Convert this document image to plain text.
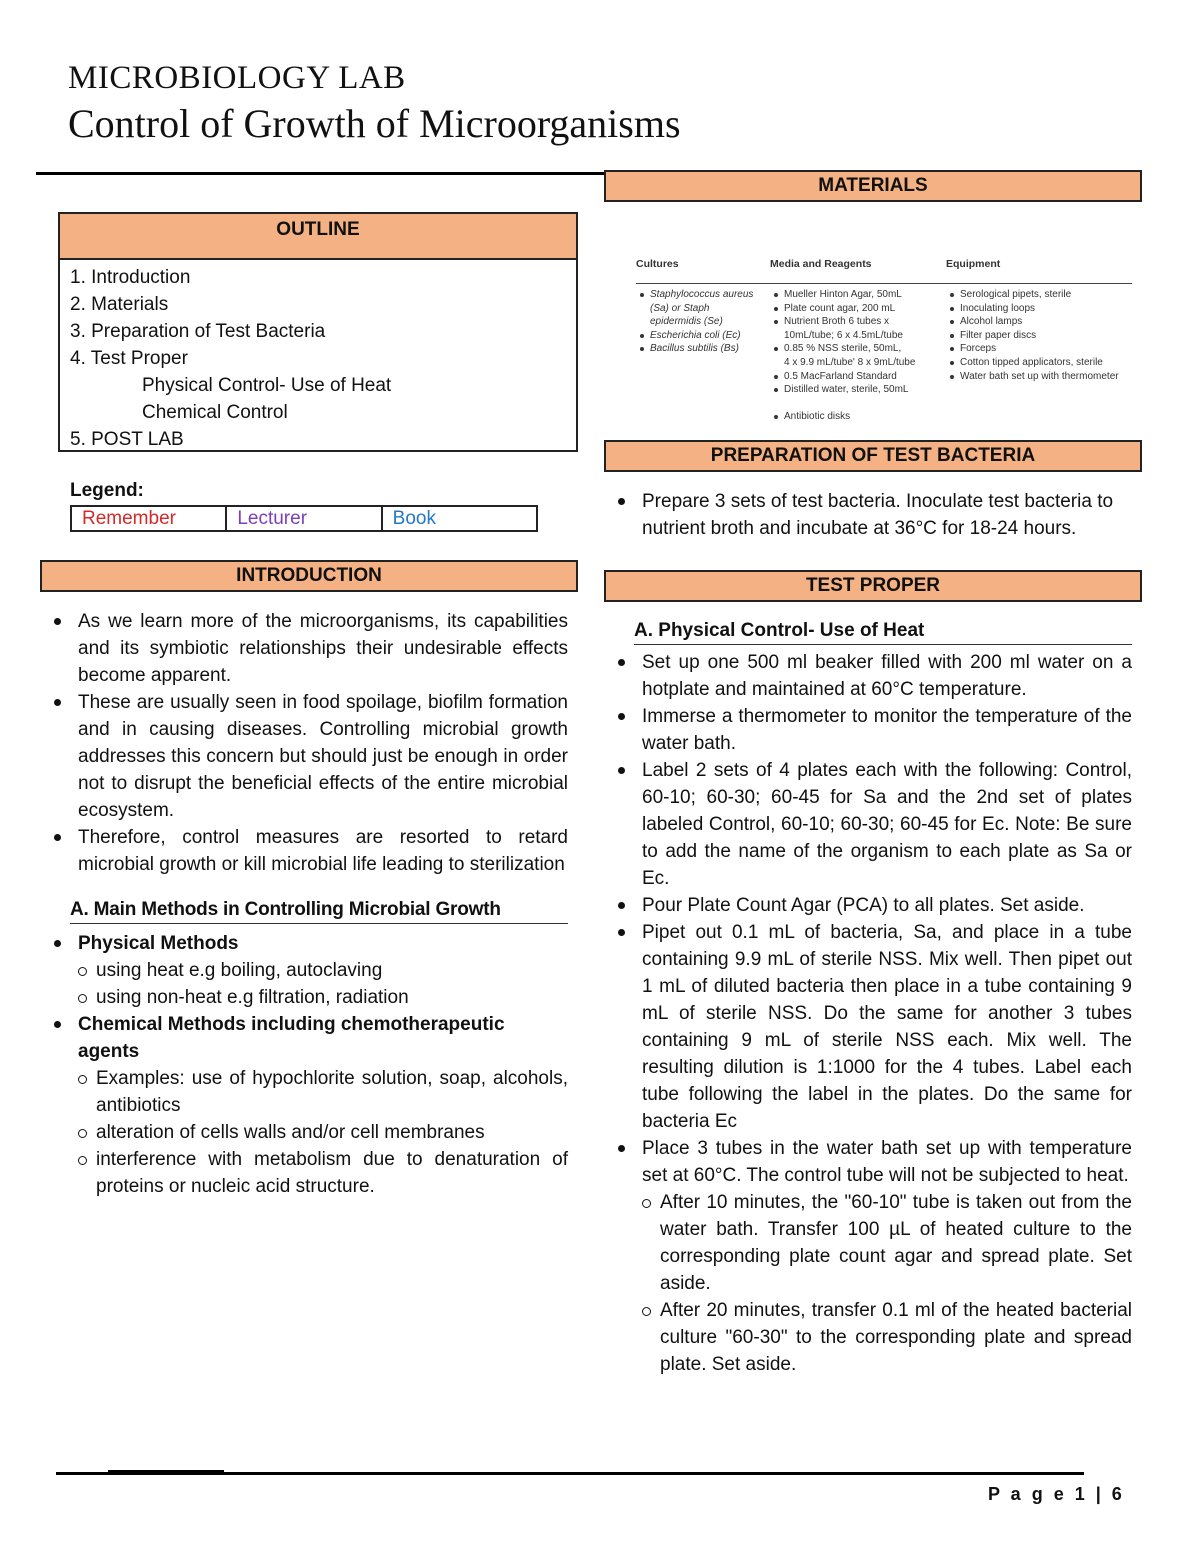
MICROBIOLOGY LAB
Control of Growth of Microorganisms
OUTLINE
1. Introduction
2. Materials
3. Preparation of Test Bacteria
4. Test Proper
Physical Control- Use of Heat
Chemical Control
5. POST LAB
Legend:
Remember	Lecturer	Book
INTRODUCTION
As we learn more of the microorganisms, its capabilities and its symbiotic relationships their undesirable effects become apparent.
These are usually seen in food spoilage, biofilm formation and in causing diseases. Controlling microbial growth addresses this concern but should just be enough in order not to disrupt the beneficial effects of the entire microbial ecosystem.
Therefore, control measures are resorted to retard microbial growth or kill microbial life leading to sterilization
A. Main Methods in Controlling Microbial Growth
Physical Methods
using heat e.g boiling, autoclaving
using non-heat e.g filtration, radiation
Chemical Methods including chemotherapeutic agents
Examples: use of hypochlorite solution, soap, alcohols, antibiotics
alteration of cells walls and/or cell membranes
interference with metabolism due to denaturation of proteins or nucleic acid structure.
MATERIALS
Cultures
Staphylococcus aureus
(Sa) or Staph
epidermidis (Se)
Escherichia coli (Ec)
Bacillus subtilis (Bs)
Media and Reagents
Mueller Hinton Agar, 50mL
Plate count agar, 200 mL
Nutrient Broth 6 tubes x
10mL/tube; 6 x 4.5mL/tube
0.85 % NSS sterile, 50mL,
4 x 9.9 mL/tube' 8 x 9mL/tube
0.5 MacFarland Standard
Distilled water, sterile, 50mL
Antibiotic disks
Equipment
Serological pipets, sterile
Inoculating loops
Alcohol lamps
Filter paper discs
Forceps
Cotton tipped applicators, sterile
Water bath set up with thermometer
PREPARATION OF TEST BACTERIA
Prepare 3 sets of test bacteria. Inoculate test bacteria to nutrient broth and incubate at 36°C for 18-24 hours.
TEST PROPER
A. Physical Control- Use of Heat
Set up one 500 ml beaker filled with 200 ml water on a hotplate and maintained at 60°C temperature.
Immerse a thermometer to monitor the temperature of the water bath.
Label 2 sets of 4 plates each with the following: Control, 60-10; 60-30; 60-45 for Sa and the 2nd set of plates labeled Control, 60-10; 60-30; 60-45 for Ec. Note: Be sure to add the name of the organism to each plate as Sa or Ec.
Pour Plate Count Agar (PCA) to all plates. Set aside.
Pipet out 0.1 mL of bacteria, Sa, and place in a tube containing 9.9 mL of sterile NSS. Mix well. Then pipet out 1 mL of diluted bacteria then place in a tube containing 9 mL of sterile NSS. Do the same for another 3 tubes containing 9 mL of sterile NSS each. Mix well. The resulting dilution is 1:1000 for the 4 tubes. Label each tube following the label in the plates. Do the same for bacteria Ec
Place 3 tubes in the water bath set up with temperature set at 60°C. The control tube will not be subjected to heat.
After 10 minutes, the "60-10" tube is taken out from the water bath. Transfer 100 µL of heated culture to the corresponding plate count agar and spread plate. Set aside.
After 20 minutes, transfer 0.1 ml of the heated bacterial culture "60-30" to the corresponding plate and spread plate. Set aside.
P a g e 1 | 6
